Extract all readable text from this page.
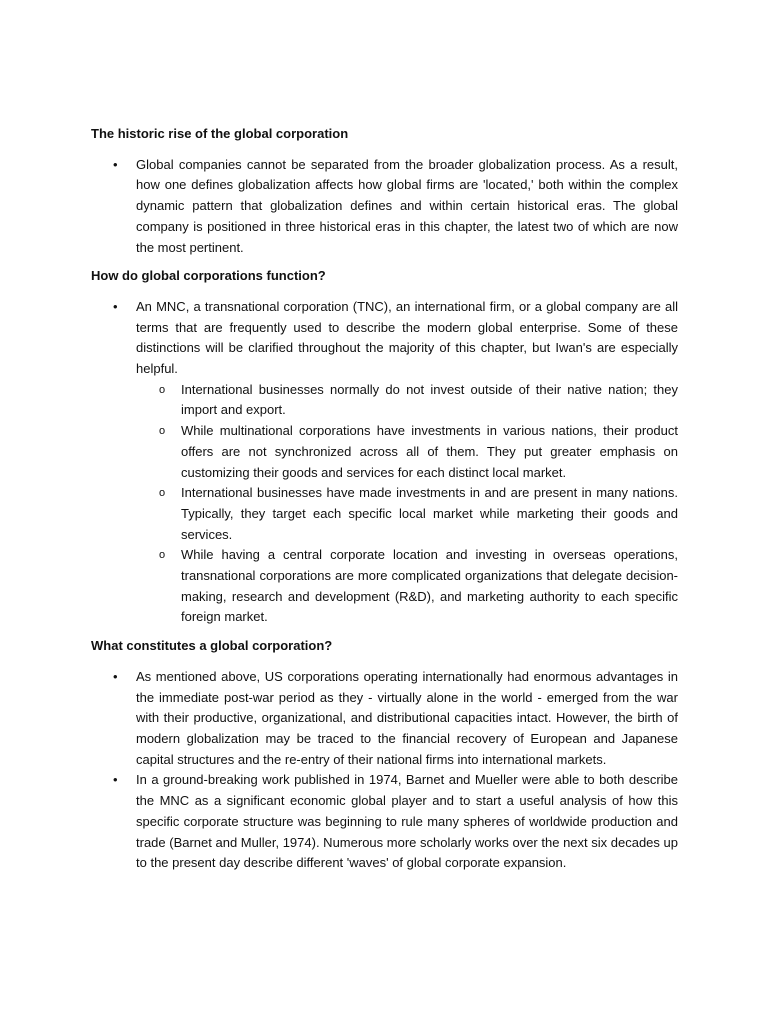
The historic rise of the global corporation

• Global companies cannot be separated from the broader globalization process. As a result, how one defines globalization affects how global firms are 'located,' both within the complex dynamic pattern that globalization defines and within certain historical eras. The global company is positioned in three historical eras in this chapter, the latest two of which are now the most pertinent.

How do global corporations function?

• An MNC, a transnational corporation (TNC), an international firm, or a global company are all terms that are frequently used to describe the modern global enterprise. Some of these distinctions will be clarified throughout the majority of this chapter, but Iwan's are especially helpful.
o International businesses normally do not invest outside of their native nation; they import and export.
o While multinational corporations have investments in various nations, their product offers are not synchronized across all of them. They put greater emphasis on customizing their goods and services for each distinct local market.
o International businesses have made investments in and are present in many nations. Typically, they target each specific local market while marketing their goods and services.
o While having a central corporate location and investing in overseas operations, transnational corporations are more complicated organizations that delegate decision-making, research and development (R&D), and marketing authority to each specific foreign market.

What constitutes a global corporation?

• As mentioned above, US corporations operating internationally had enormous advantages in the immediate post-war period as they - virtually alone in the world - emerged from the war with their productive, organizational, and distributional capacities intact. However, the birth of modern globalization may be traced to the financial recovery of European and Japanese capital structures and the re-entry of their national firms into international markets.
• In a ground-breaking work published in 1974, Barnet and Mueller were able to both describe the MNC as a significant economic global player and to start a useful analysis of how this specific corporate structure was beginning to rule many spheres of worldwide production and trade (Barnet and Muller, 1974). Numerous more scholarly works over the next six decades up to the present day describe different 'waves' of global corporate expansion.
